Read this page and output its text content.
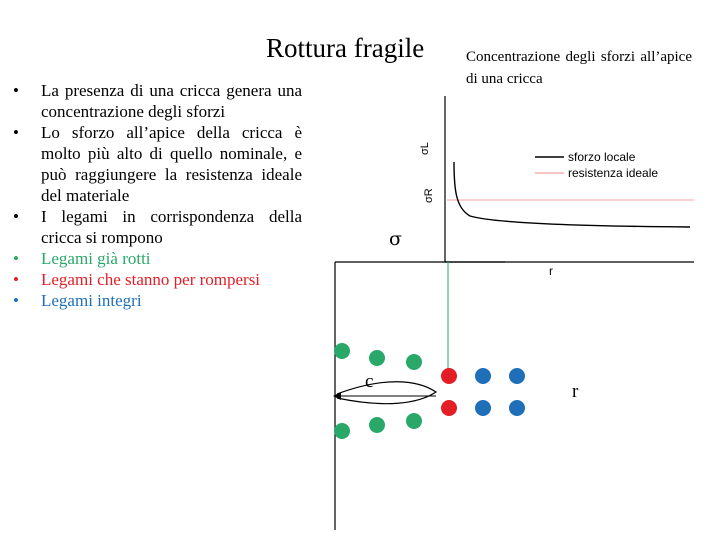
Rottura fragile	Concentrazione degli sforzi all’apice di una cricca
• La presenza di una cricca genera una concentrazione degli sforzi
• Lo sforzo all’apice della cricca è molto più alto di quello nominale, e può raggiungere la resistenza ideale del materiale
• I legami in corrispondenza della cricca si rompono
• Legami già rotti
• Legami che stanno per rompersi
• Legami integri
σL
σR
r
sforzo locale
resistenza ideale
σ
c	r
